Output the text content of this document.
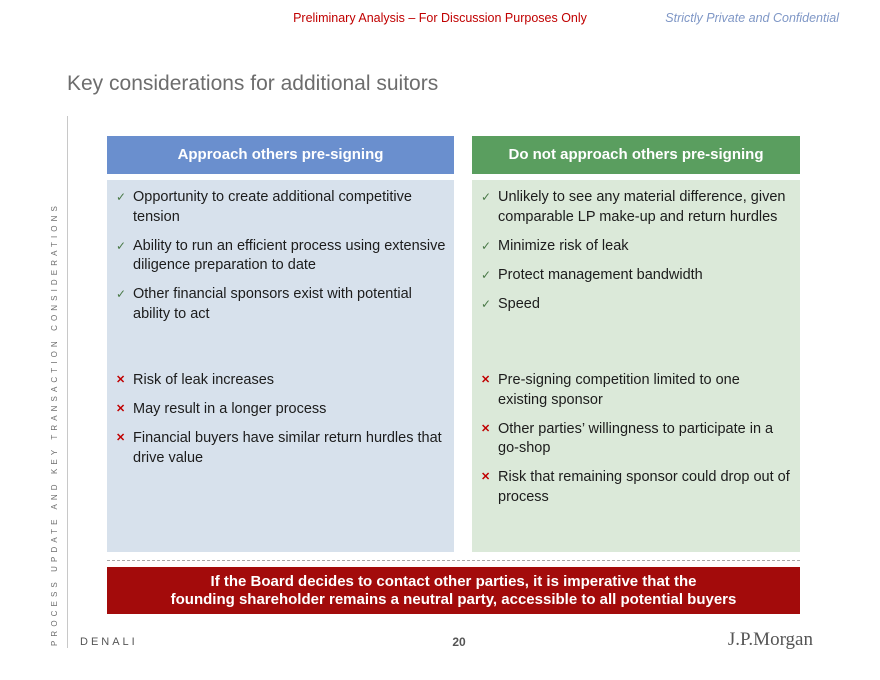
Preliminary Analysis – For Discussion Purposes Only	Strictly Private and Confidential
Key considerations for additional suitors
PROCESS UPDATE AND KEY TRANSACTION CONSIDERATIONS
Approach others pre-signing	Do not approach others pre-signing
✓ Opportunity to create additional competitive tension
✓ Ability to run an efficient process using extensive diligence preparation to date
✓ Other financial sponsors exist with potential ability to act
✕ Risk of leak increases
✕ May result in a longer process
✕ Financial buyers have similar return hurdles that drive value
✓ Unlikely to see any material difference, given comparable LP make-up and return hurdles
✓ Minimize risk of leak
✓ Protect management bandwidth
✓ Speed
✕ Pre-signing competition limited to one existing sponsor
✕ Other parties’ willingness to participate in a go-shop
✕ Risk that remaining sponsor could drop out of process
If the Board decides to contact other parties, it is imperative that the
founding shareholder remains a neutral party, accessible to all potential buyers
DENALI	20	J.P.Morgan
